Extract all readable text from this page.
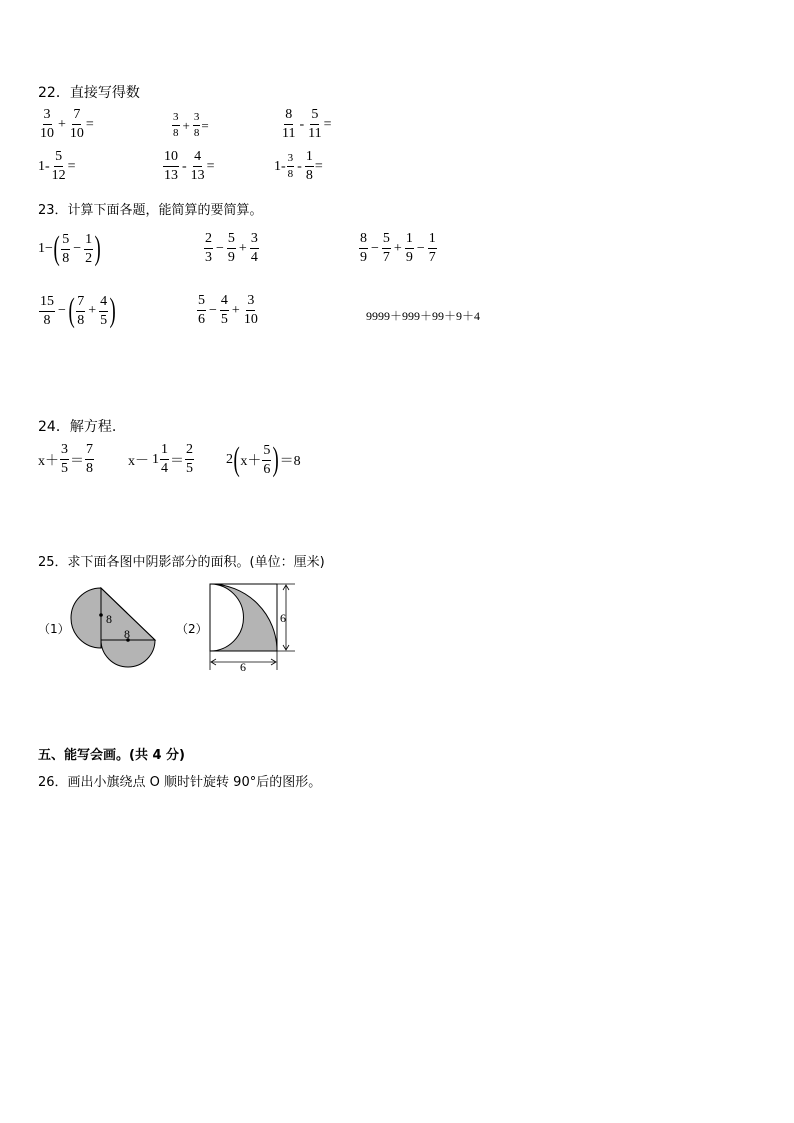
22．直接写得数
$\frac{3}{10} + \frac{7}{10}$ =	$\frac{3}{8} + \frac{3}{8}$ =	$\frac{8}{11} - \frac{5}{11}$ =
$1- \frac{5}{12}$ =	$\frac{10}{13} - \frac{4}{13}$ =	$1- \frac{3}{8} - \frac{1}{8}$ =
23．计算下面各题，能简算的要简算。
1− ( $\frac{5}{8} - \frac{1}{2}$ )	$\frac{2}{3} - \frac{5}{9} + \frac{3}{4}$	$\frac{8}{9} - \frac{5}{7} + \frac{1}{9} - \frac{1}{7}$
$\frac{15}{8}$ − ( $\frac{7}{8} + \frac{4}{5}$ )	$\frac{5}{6} - \frac{4}{5} + \frac{3}{10}$	9999＋999＋99＋9＋4
24．解方程.
$x+ \frac{3}{5} = \frac{7}{8} x- 1 \frac{1}{4} = \frac{2}{5} 2$ ( $x+ \frac{5}{6}$ ) ＝8
25．求下面各图中阴影部分的面积。(单位：厘米)
（1）
8
8	（2）
6
6
五、能写会画。(共 4 分)
26．画出小旗绕点 O 顺时针旋转 90°后的图形。
